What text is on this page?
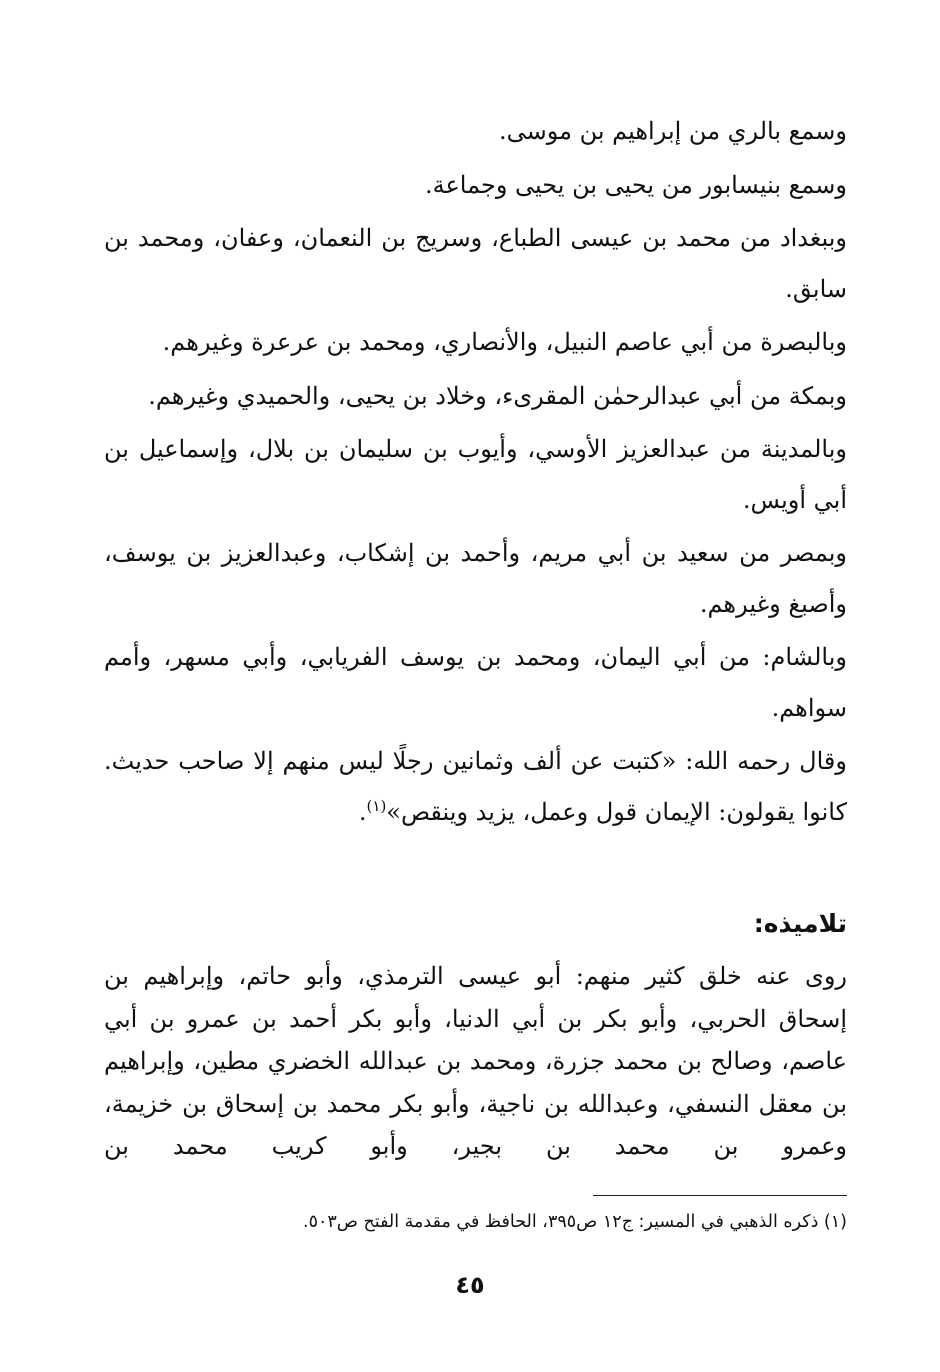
وسمع بالري من إبراهيم بن موسى.

وسمع بنيسابور من يحيى بن يحيى وجماعة.

وببغداد من محمد بن عيسى الطباع، وسريج بن النعمان، وعفان، ومحمد بن سابق.

وبالبصرة من أبي عاصم النبيل، والأنصاري، ومحمد بن عرعرة وغيرهم.

وبمكة من أبي عبدالرحمٰن المقرىء، وخلاد بن يحيى، والحميدي وغيرهم.

وبالمدينة من عبدالعزيز الأوسي، وأيوب بن سليمان بن بلال، وإسماعيل بن أبي أويس.

وبمصر من سعيد بن أبي مريم، وأحمد بن إشكاب، وعبدالعزيز بن يوسف، وأصبغ وغيرهم.

وبالشام: من أبي اليمان، ومحمد بن يوسف الفريابي، وأبي مسهر، وأمم سواهم.

وقال رحمه الله: «كتبت عن ألف وثمانين رجلًا ليس منهم إلا صاحب حديث. كانوا يقولون: الإيمان قول وعمل، يزيد وينقص»$^{(١)}$.

تلاميذه:

روى عنه خلق كثير منهم: أبو عيسى الترمذي، وأبو حاتم، وإبراهيم بن إسحاق الحربي، وأبو بكر بن أبي الدنيا، وأبو بكر أحمد بن عمرو بن أبي عاصم، وصالح بن محمد جزرة، ومحمد بن عبدالله الخضري مطين، وإبراهيم بن معقل النسفي، وعبدالله بن ناجية، وأبو بكر محمد بن إسحاق بن خزيمة، وعمرو بن محمد بن بجير، وأبو كريب محمد بن

(١) ذكره الذهبي في المسير: ج١٢ ص٣٩٥، الحافظ في مقدمة الفتح ص٥٠٣.
٤٥
